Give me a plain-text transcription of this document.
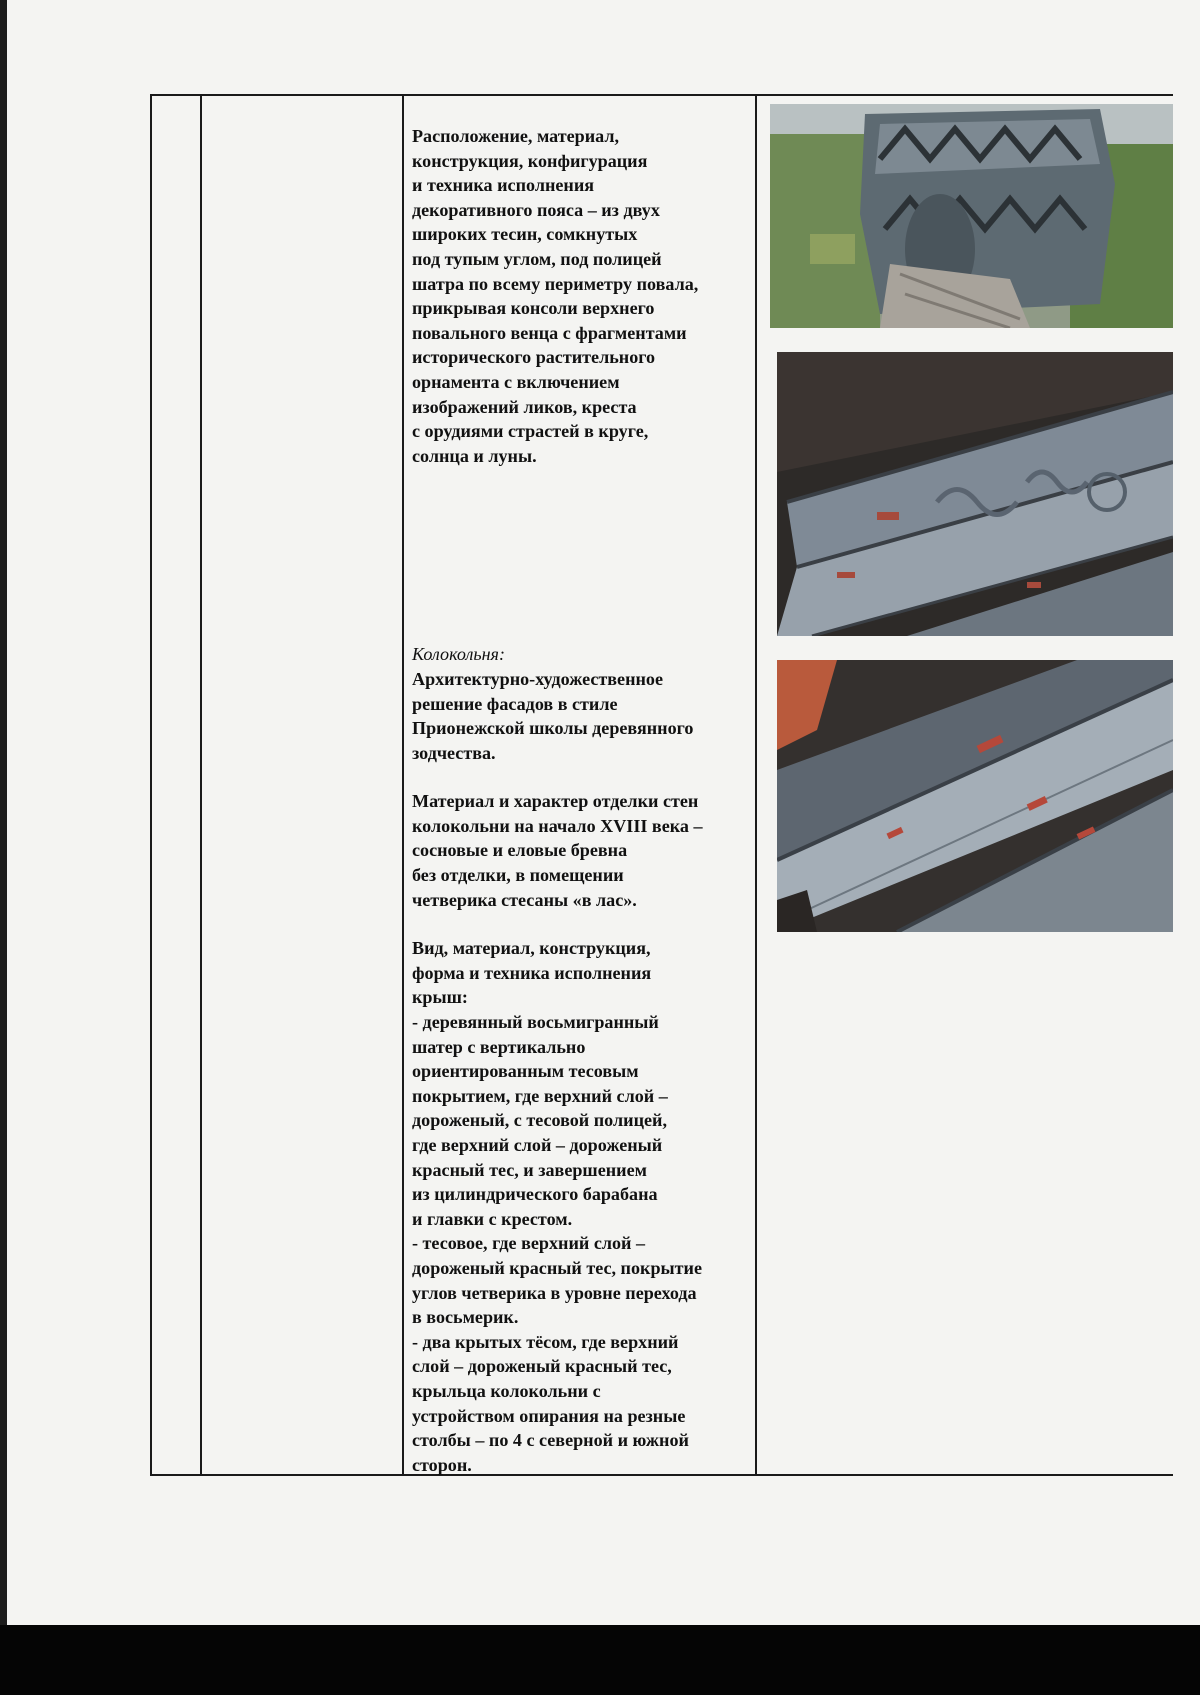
Расположение, материал,
конструкция, конфигурация
и техника исполнения
декоративного пояса – из двух
широких тесин, сомкнутых
под тупым углом, под полицей
шатра по всему периметру повала,
прикрывая консоли верхнего
повального венца с фрагментами
исторического растительного
орнамента с включением
изображений ликов, креста
с орудиями страстей в круге,
солнца и луны.

Колокольня:

Архитектурно-художественное
решение фасадов в стиле
Прионежской школы деревянного
зодчества.

Материал и характер отделки стен
колокольни на начало XVIII века –
сосновые и еловые бревна
без отделки, в помещении
четверика стесаны «в лас».

Вид, материал, конструкция,
форма и техника исполнения
крыш:
- деревянный восьмигранный
шатер с вертикально
ориентированным тесовым
покрытием, где верхний слой –
дороженый, с тесовой полицей,
где верхний слой – дороженый
красный тес, и завершением
из цилиндрического барабана
и главки с крестом.
- тесовое, где верхний слой –
дороженый красный тес, покрытие
углов четверика в уровне перехода
в восьмерик.
- два крытых тёсом, где верхний
слой – дороженый красный тес,
крыльца колокольни с
устройством опирания на резные
столбы – по 4 с северной и южной
сторон.
